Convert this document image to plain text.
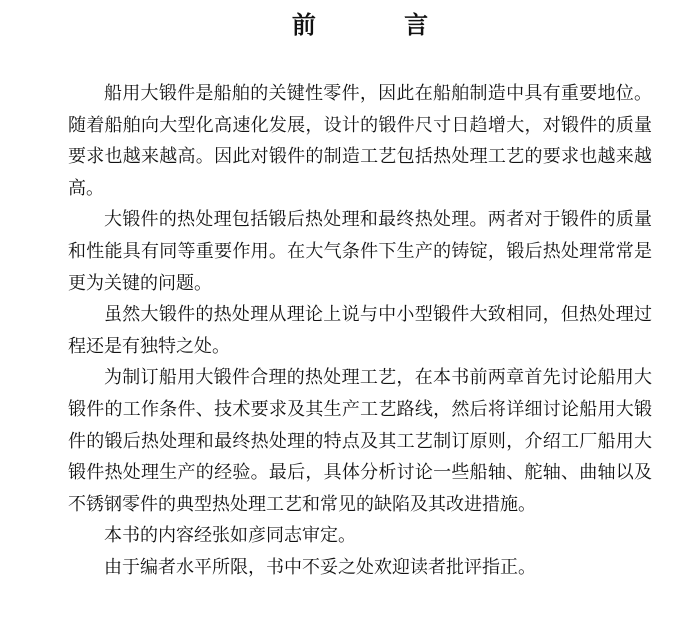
前 言

船用大锻件是船舶的关键性零件，因此在船舶制造中具有重要地位。随着船舶向大型化高速化发展，设计的锻件尺寸日趋增大，对锻件的质量要求也越来越高。因此对锻件的制造工艺包括热处理工艺的要求也越来越高。

大锻件的热处理包括锻后热处理和最终热处理。两者对于锻件的质量和性能具有同等重要作用。在大气条件下生产的铸锭，锻后热处理常常是更为关键的问题。

虽然大锻件的热处理从理论上说与中小型锻件大致相同，但热处理过程还是有独特之处。

为制订船用大锻件合理的热处理工艺，在本书前两章首先讨论船用大锻件的工作条件、技术要求及其生产工艺路线，然后将详细讨论船用大锻件的锻后热处理和最终热处理的特点及其工艺制订原则，介绍工厂船用大锻件热处理生产的经验。最后，具体分析讨论一些船轴、舵轴、曲轴以及不锈钢零件的典型热处理工艺和常见的缺陷及其改进措施。

本书的内容经张如彦同志审定。

由于编者水平所限，书中不妥之处欢迎读者批评指正。
